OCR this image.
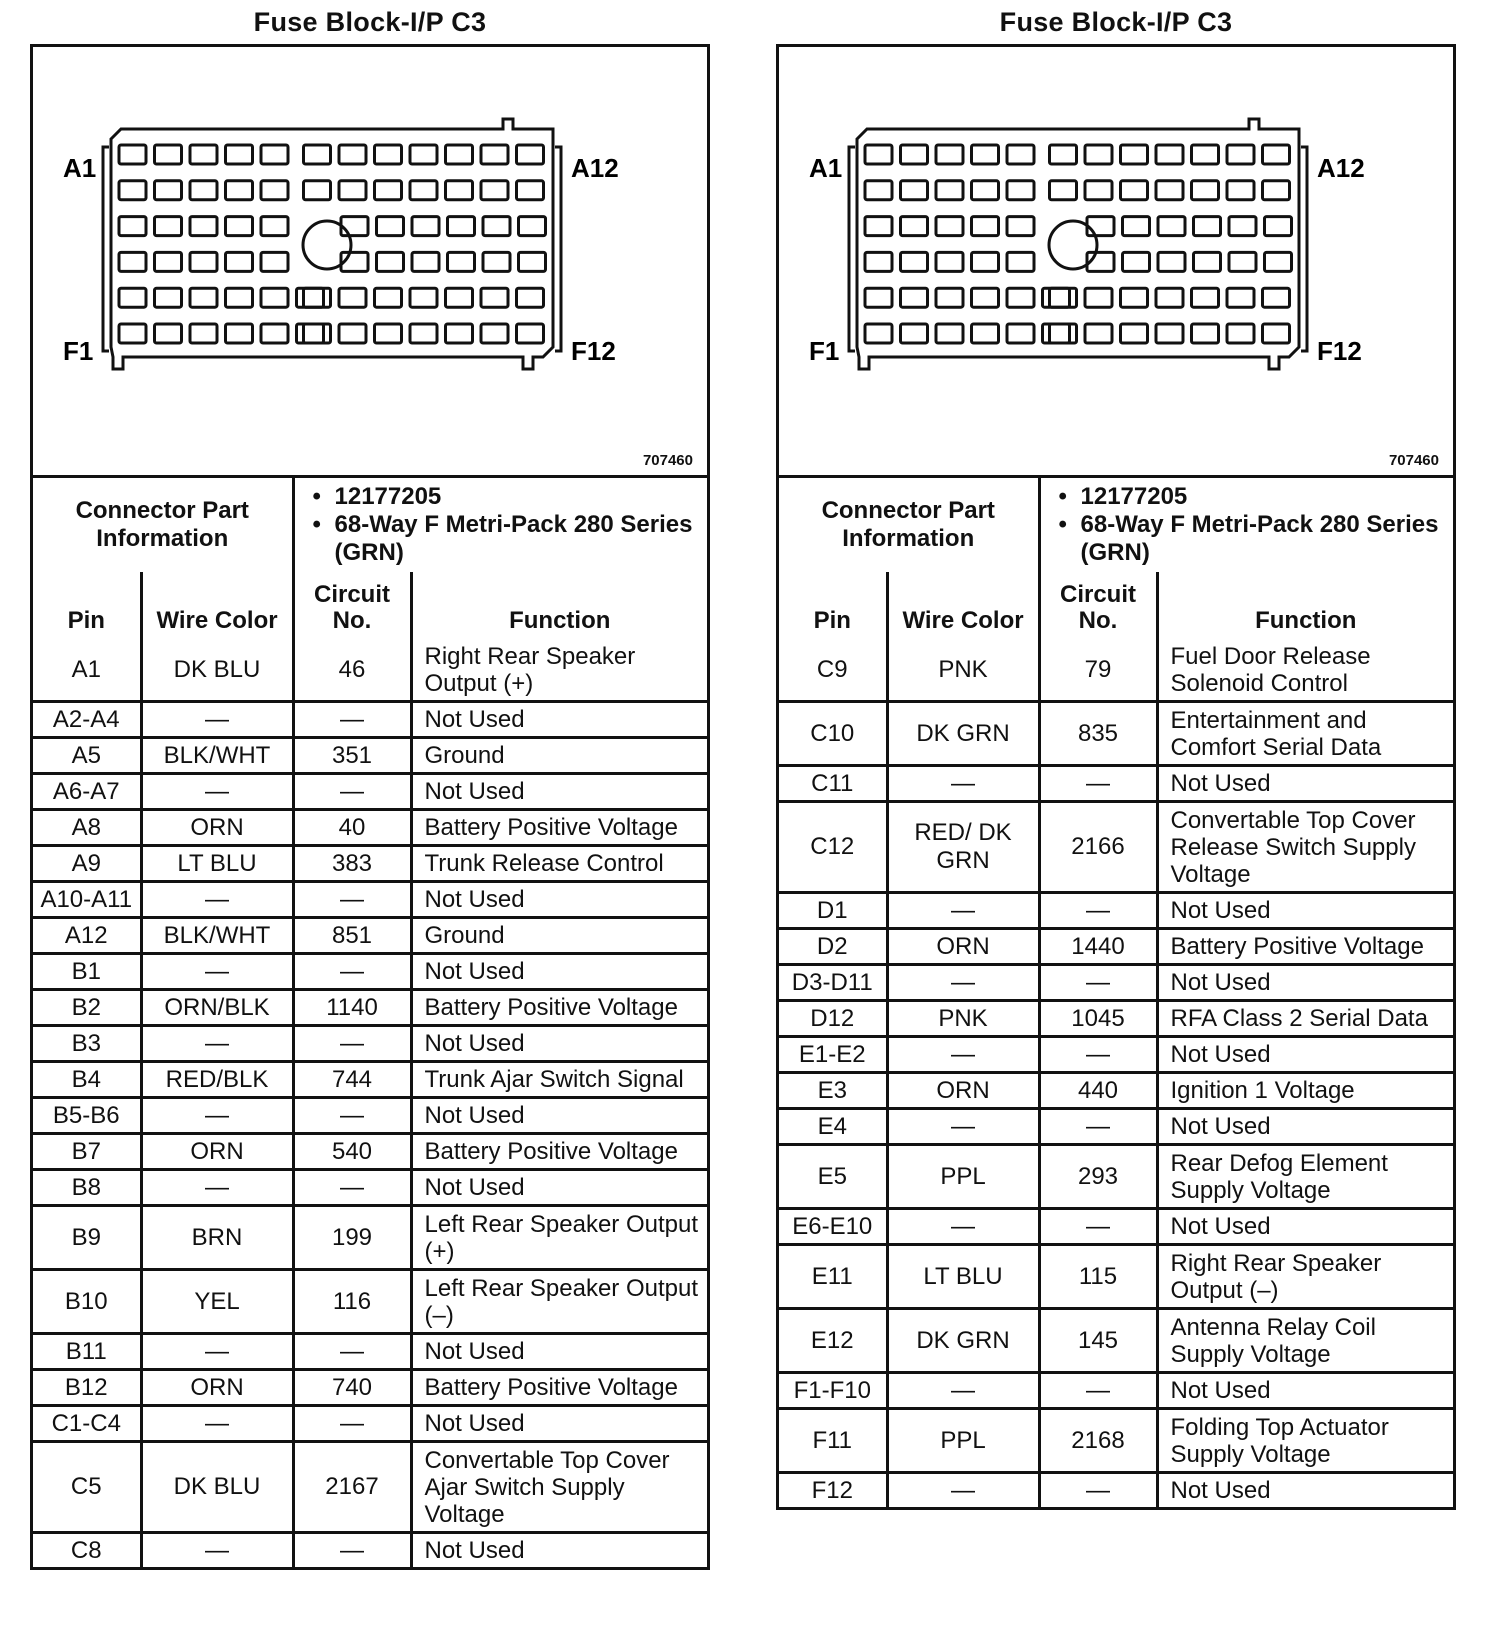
Fuse Block-I/P C3
A1	A12
F1	F12
707460
Connector Part Information	
• 12177205
• 68-Way F Metri-Pack 280 Series (GRN)
Pin	Wire Color	Circuit No.	Function
A1	DK BLU	46	Right Rear Speaker Output (+)
A2-A4	—	—	Not Used
A5	BLK/WHT	351	Ground
A6-A7	—	—	Not Used
A8	ORN	40	Battery Positive Voltage
A9	LT BLU	383	Trunk Release Control
A10-A11	—	—	Not Used
A12	BLK/WHT	851	Ground
B1	—	—	Not Used
B2	ORN/BLK	1140	Battery Positive Voltage
B3	—	—	Not Used
B4	RED/BLK	744	Trunk Ajar Switch Signal
B5-B6	—	—	Not Used
B7	ORN	540	Battery Positive Voltage
B8	—	—	Not Used
B9	BRN	199	Left Rear Speaker Output (+)
B10	YEL	116	Left Rear Speaker Output (–)
B11	—	—	Not Used
B12	ORN	740	Battery Positive Voltage
C1-C4	—	—	Not Used
C5	DK BLU	2167	Convertable Top Cover Ajar Switch Supply Voltage
C8	—	—	Not Used
Fuse Block-I/P C3
A1	A12
F1	F12
707460
Connector Part Information	
• 12177205
• 68-Way F Metri-Pack 280 Series (GRN)
Pin	Wire Color	Circuit No.	Function
C9	PNK	79	Fuel Door Release Solenoid Control
C10	DK GRN	835	Entertainment and Comfort Serial Data
C11	—	—	Not Used
C12	RED/ DK GRN	2166	Convertable Top Cover Release Switch Supply Voltage
D1	—	—	Not Used
D2	ORN	1440	Battery Positive Voltage
D3-D11	—	—	Not Used
D12	PNK	1045	RFA Class 2 Serial Data
E1-E2	—	—	Not Used
E3	ORN	440	Ignition 1 Voltage
E4	—	—	Not Used
E5	PPL	293	Rear Defog Element Supply Voltage
E6-E10	—	—	Not Used
E11	LT BLU	115	Right Rear Speaker Output (–)
E12	DK GRN	145	Antenna Relay Coil Supply Voltage
F1-F10	—	—	Not Used
F11	PPL	2168	Folding Top Actuator Supply Voltage
F12	—	—	Not Used
